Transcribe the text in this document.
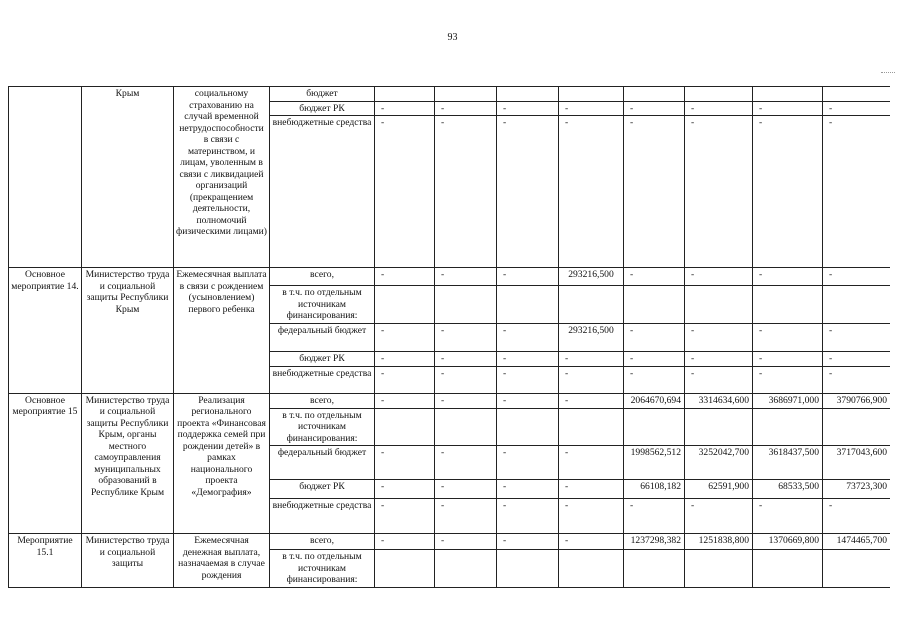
93
	Крым	социальному страхованию на случай временной нетрудоспособности в связи с материнством, и лицам, уволенным в связи с ликвидацией организаций (прекращением деятельности, полномочий физическими лицами)	бюджет								
			бюджет РК	-	-	-	-	-	-	-	-
			внебюджетные средства	-	-	-	-	-	-	-	-
Основное мероприятие 14.	Министерство труда и социальной защиты Республики Крым	Ежемесячная выплата в связи с рождением (усыновлением) первого ребенка	всего,	-	-	-	293216,500	-	-	-	-
			в т.ч. по отдельным источникам финансирования:								
			федеральный бюджет	-	-	-	293216,500	-	-	-	-
			бюджет РК	-	-	-	-	-	-	-	-
			внебюджетные средства	-	-	-	-	-	-	-	-
Основное мероприятие 15	Министерство труда и социальной защиты Республики Крым, органы местного самоуправления муниципальных образований в Республике Крым	Реализация регионального проекта «Финансовая поддержка семей при рождении детей» в рамках национального проекта «Демография»	всего,	-	-	-	-	2064670,694	3314634,600	3686971,000	3790766,900
			в т.ч. по отдельным источникам финансирования:								
			федеральный бюджет	-	-	-	-	1998562,512	3252042,700	3618437,500	3717043,600
			бюджет РК	-	-	-	-	66108,182	62591,900	68533,500	73723,300
			внебюджетные средства	-	-	-	-	-	-	-	-
Мероприятие 15.1	Министерство труда и социальной защиты	Ежемесячная денежная выплата, назначаемая в случае рождения	всего,	-	-	-	-	1237298,382	1251838,800	1370669,800	1474465,700
			в т.ч. по отдельным источникам финансирования:								
